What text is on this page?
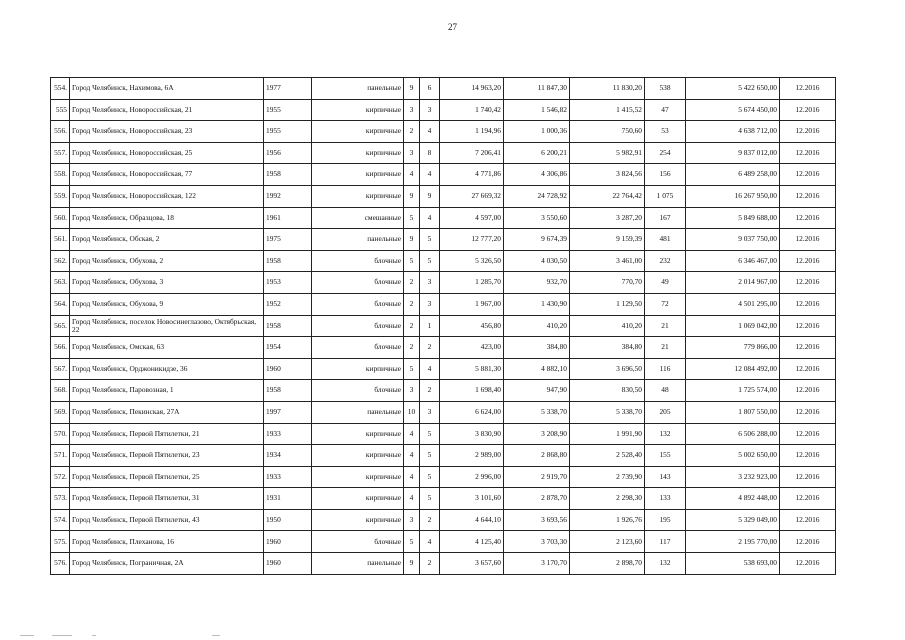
27
554.	Город Челябинск, Нахимова, 6А	1977	панельные	9	6	14 963,20	11 847,30	11 830,20	538	5 422 650,00	12.2016
555	Город Челябинск, Новороссийская, 21	1955	кирпичные	3	3	1 740,42	1 546,82	1 415,52	47	5 674 450,00	12.2016
556.	Город Челябинск, Новороссийская, 23	1955	кирпичные	2	4	1 194,96	1 000,36	750,60	53	4 638 712,00	12.2016
557.	Город Челябинск, Новороссийская, 25	1956	кирпичные	3	8	7 206,41	6 200,21	5 982,91	254	9 837 012,00	12.2016
558.	Город Челябинск, Новороссийская, 77	1958	кирпичные	4	4	4 771,86	4 306,86	3 824,56	156	6 489 258,00	12.2016
559.	Город Челябинск, Новороссийская, 122	1992	кирпичные	9	9	27 669,32	24 728,92	22 764,42	1 075	16 267 950,00	12.2016
560.	Город Челябинск, Образцова, 18	1961	смешанные	5	4	4 597,00	3 550,60	3 287,20	167	5 849 688,00	12.2016
561.	Город Челябинск, Обская, 2	1975	панельные	9	5	12 777,20	9 674,39	9 159,39	481	9 037 750,00	12.2016
562.	Город Челябинск, Обухова, 2	1958	блочные	5	5	5 326,50	4 030,50	3 461,00	232	6 346 467,00	12.2016
563.	Город Челябинск, Обухова, 3	1953	блочные	2	3	1 285,70	932,70	770,70	49	2 014 967,00	12.2016
564.	Город Челябинск, Обухова, 9	1952	блочные	2	3	1 967,00	1 430,90	1 129,50	72	4 501 295,00	12.2016
565.	Город Челябинск, поселок Новосинеглазово, Октябрьская, 22	1958	блочные	2	1	456,80	410,20	410,20	21	1 069 042,00	12.2016
566.	Город Челябинск, Омская, 63	1954	блочные	2	2	423,00	384,80	384,80	21	779 866,00	12.2016
567.	Город Челябинск, Орджоникидзе, 36	1960	кирпичные	5	4	5 881,30	4 882,10	3 696,50	116	12 084 492,00	12.2016
568.	Город Челябинск, Паровозная, 1	1958	блочные	3	2	1 698,40	947,90	830,50	48	1 725 574,00	12.2016
569.	Город Челябинск, Пекинская, 27А	1997	панельные	10	3	6 624,00	5 338,70	5 338,70	205	1 807 550,00	12.2016
570.	Город Челябинск, Первой Пятилетки, 21	1933	кирпичные	4	5	3 830,90	3 208,90	1 991,90	132	6 506 288,00	12.2016
571.	Город Челябинск, Первой Пятилетки, 23	1934	кирпичные	4	5	2 989,00	2 868,80	2 528,40	155	5 002 650,00	12.2016
572.	Город Челябинск, Первой Пятилетки, 25	1933	кирпичные	4	5	2 996,00	2 919,70	2 739,90	143	3 232 923,00	12.2016
573.	Город Челябинск, Первой Пятилетки, 31	1931	кирпичные	4	5	3 101,60	2 878,70	2 298,30	133	4 892 448,00	12.2016
574.	Город Челябинск, Первой Пятилетки, 43	1950	кирпичные	3	2	4 644,10	3 693,56	1 926,76	195	5 329 049,00	12.2016
575.	Город Челябинск, Плеханова, 16	1960	блочные	5	4	4 125,40	3 703,30	2 123,60	117	2 195 770,00	12.2016
576.	Город Челябинск, Пограничная, 2А	1960	панельные	9	2	3 657,60	3 170,70	2 898,70	132	538 693,00	12.2016
